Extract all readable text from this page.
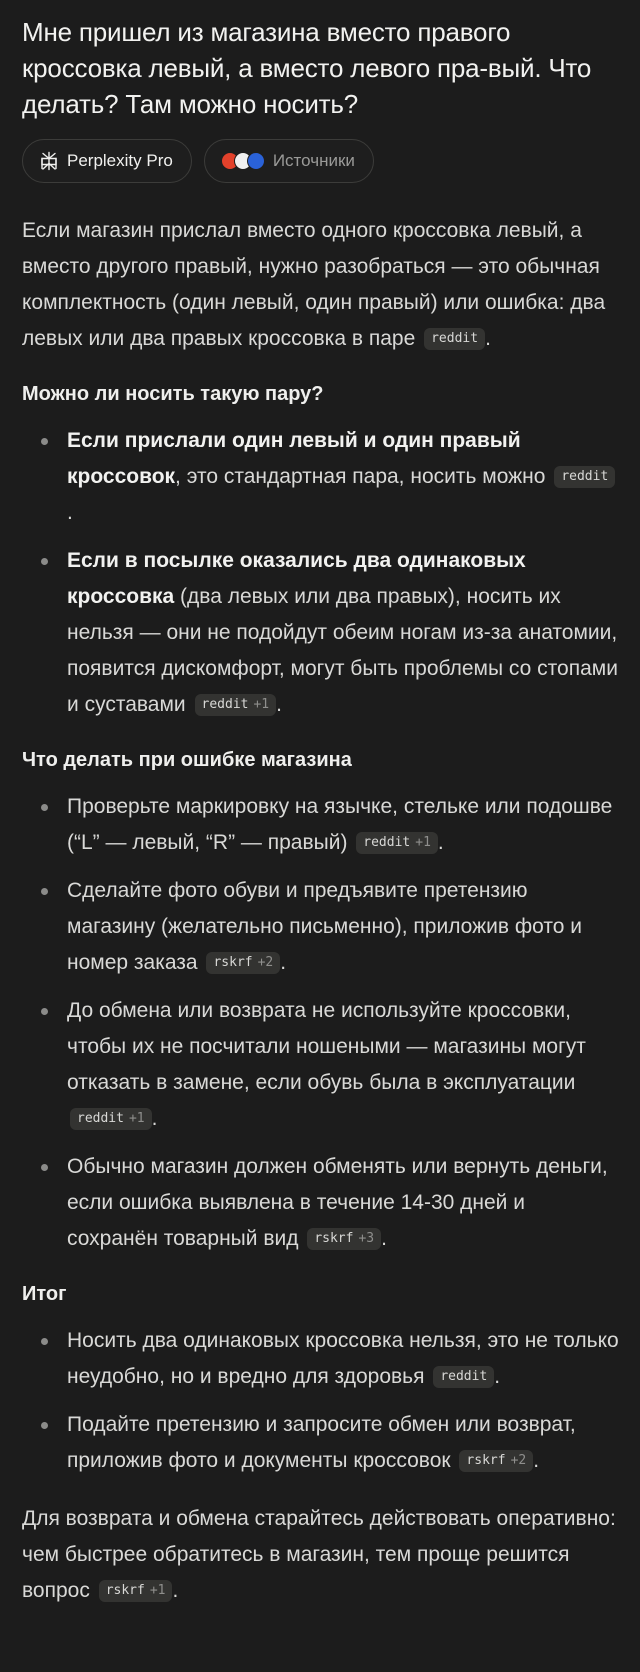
Мне пришел из магазина вместо правого кроссовка левый, а вместо левого пра-вый. Что делать? Там можно носить?
Perplexity Pro	Источники

Если магазин прислал вместо одного кроссовка левый, а вместо другого правый, нужно разобраться — это обычная комплектность (один левый, один правый) или ошибка: два левых или два правых кроссовка в паре reddit .

Можно ли носить такую пару?
Если прислали один левый и один правый кроссовок, это стандартная пара, носить можно reddit.
Если в посылке оказались два одинаковых кроссовка (два левых или два правых), носить их нельзя — они не подойдут обеим ногам из-за анатомии, появится дискомфорт, могут быть проблемы со стопами и суставами reddit +1 .
Что делать при ошибке магазина
Проверьте маркировку на язычке, стельке или подошве (“L” — левый, “R” — правый) reddit +1 .
Сделайте фото обуви и предъявите претензию магазину (желательно письменно), приложив фото и номер заказа rskrf +2 .
До обмена или возврата не используйте кроссовки, чтобы их не посчитали ношеными — магазины могут отказать в замене, если обувь была в эксплуатации reddit +1 .
Обычно магазин должен обменять или вернуть деньги, если ошибка выявлена в течение 14-30 дней и сохранён товарный вид rskrf +3 .
Итог
Носить два одинаковых кроссовка нельзя, это не только неудобно, но и вредно для здоровья reddit .
Подайте претензию и запросите обмен или возврат, приложив фото и документы кроссовок rskrf +2 .

Для возврата и обмена старайтесь действовать оперативно: чем быстрее обратитесь в магазин, тем проще решится вопрос rskrf +1 .
